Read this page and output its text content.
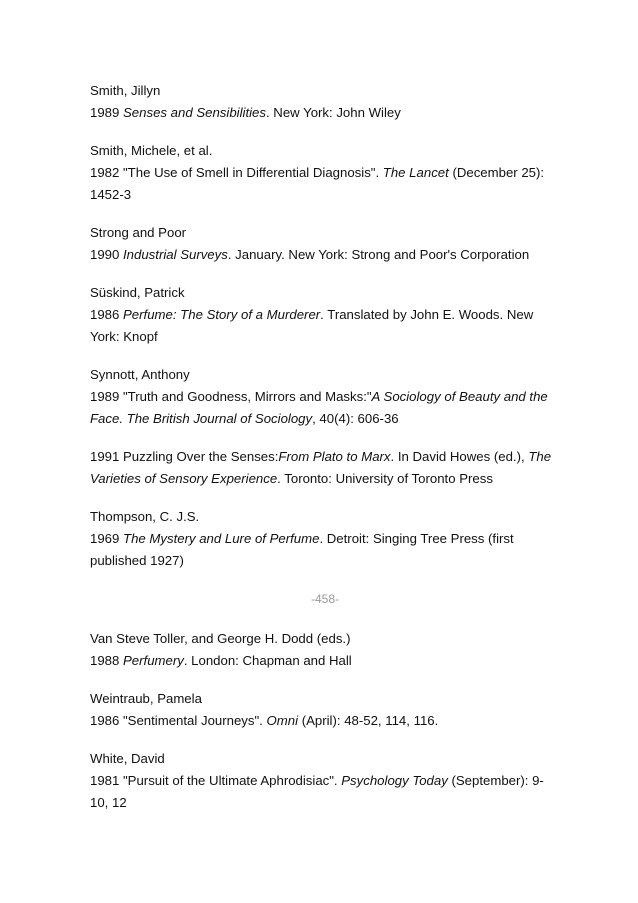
Smith, Jillyn
1989 Senses and Sensibilities. New York: John Wiley
Smith, Michele, et al.
1982 "The Use of Smell in Differential Diagnosis". The Lancet (December 25):
1452-3
Strong and Poor
1990 Industrial Surveys. January. New York: Strong and Poor's Corporation
Süskind, Patrick
1986 Perfume: The Story of a Murderer. Translated by John E. Woods. New
York: Knopf
Synnott, Anthony
1989 "Truth and Goodness, Mirrors and Masks:"A Sociology of Beauty and the
Face. The British Journal of Sociology, 40(4): 606-36
1991 Puzzling Over the Senses:From Plato to Marx. In David Howes (ed.), The
Varieties of Sensory Experience. Toronto: University of Toronto Press
Thompson, C. J.S.
1969 The Mystery and Lure of Perfume. Detroit: Singing Tree Press (first
published 1927)
-458-
Van Steve Toller, and George H. Dodd (eds.)
1988 Perfumery. London: Chapman and Hall
Weintraub, Pamela
1986 "Sentimental Journeys". Omni (April): 48-52, 114, 116.
White, David
1981 "Pursuit of the Ultimate Aphrodisiac". Psychology Today (September): 9-
10, 12
